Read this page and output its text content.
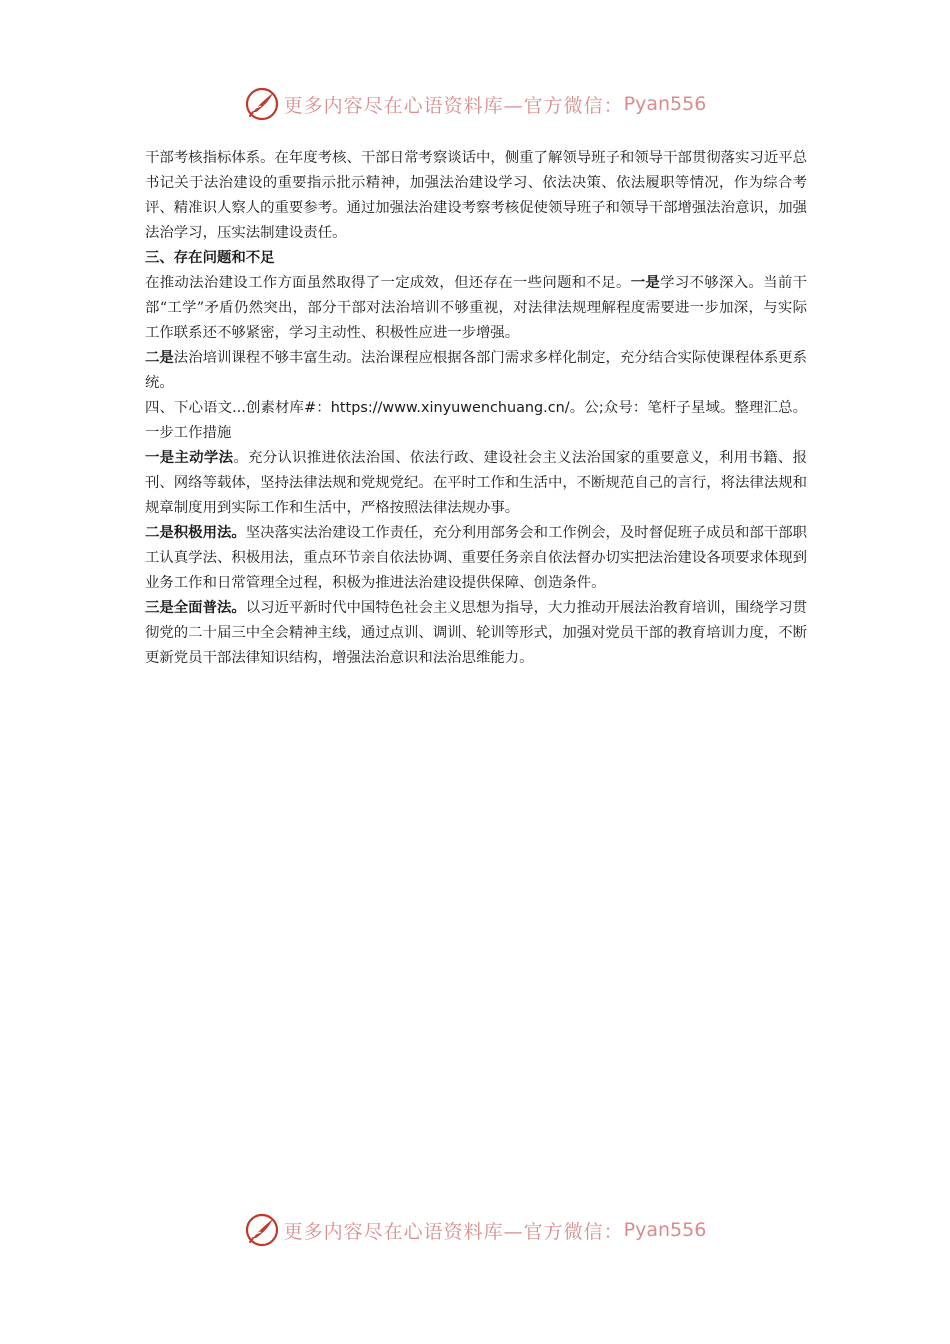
更多内容尽在心语资料库—官方微信： Pyan556

干部考核指标体系。在年度考核、干部日常考察谈话中，侧重了解领导班子和领导干部贯彻落实习近平总书记关于法治建设的重要指示批示精神，加强法治建设学习、依法决策、依法履职等情况，作为综合考评、精准识人察人的重要参考。通过加强法治建设考察考核促使领导班子和领导干部增强法治意识，加强法治学习，压实法制建设责任。

三、存在问题和不足

在推动法治建设工作方面虽然取得了一定成效，但还存在一些问题和不足。一是学习不够深入。当前干部“工学”矛盾仍然突出，部分干部对法治培训不够重视，对法律法规理解程度需要进一步加深，与实际工作联系还不够紧密，学习主动性、积极性应进一步增强。

二是法治培训课程不够丰富生动。法治课程应根据各部门需求多样化制定，充分结合实际使课程体系更系统。

四、下心语文...创素材库#：https://www.xinyuwenchuang.cn/。公;众号：笔杆子星域。整理汇总。一步工作措施

一是主动学法。充分认识推进依法治国、依法行政、建设社会主义法治国家的重要意义，利用书籍、报刊、网络等载体，坚持法律法规和党规党纪。在平时工作和生活中，不断规范自己的言行，将法律法规和规章制度用到实际工作和生活中，严格按照法律法规办事。

二是积极用法。坚决落实法治建设工作责任，充分利用部务会和工作例会，及时督促班子成员和部干部职工认真学法、积极用法，重点环节亲自依法协调、重要任务亲自依法督办切实把法治建设各项要求体现到业务工作和日常管理全过程，积极为推进法治建设提供保障、创造条件。

三是全面普法。以习近平新时代中国特色社会主义思想为指导，大力推动开展法治教育培训，围绕学习贯彻党的二十届三中全会精神主线，通过点训、调训、轮训等形式，加强对党员干部的教育培训力度，不断更新党员干部法律知识结构，增强法治意识和法治思维能力。

更多内容尽在心语资料库—官方微信： Pyan556
